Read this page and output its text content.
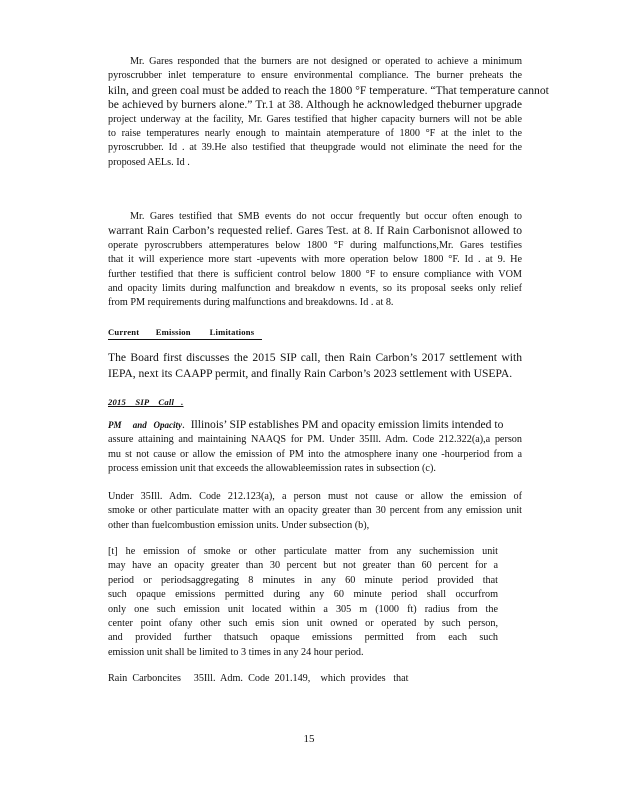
Mr. Gares responded that the burners are not designed or operated to achieve a minimum
pyroscrubber inlet temperature to ensure environmental compliance. The burner preheats the
kiln, and green coal must be added to reach the 1800 °F temperature. “That temperature cannot
be achieved by burners alone.” Tr.1 at 38. Although he acknowledged theburner upgrade
project underway at the facility, Mr. Gares testified that higher capacity burners will not be able
to raise temperatures nearly enough to maintain atemperature of 1800 °F at the inlet to the
pyroscrubber. Id . at 39.He also testified that theupgrade would not eliminate the need for the
proposed AELs. Id .
Mr. Gares testified that SMB events do not occur frequently but occur often enough to
warrant Rain Carbon’s requested relief. Gares Test. at 8. If Rain Carbonisnot allowed to
operate pyroscrubbers attemperatures below 1800 °F during malfunctions,Mr. Gares testifies
that it will experience more start -upevents with more operation below 1800 °F. Id . at 9. He
further testified that there is sufficient control below 1800 °F to ensure compliance with VOM
and opacity limits during malfunction and breakdow n events, so its proposal seeks only relief
from PM requirements during malfunctions and breakdowns. Id . at 8.
Current       Emission        Limitations
The Board first discusses the 2015 SIP call, then Rain Carbon’s 2017 settlement with
IEPA, next its CAAPP permit, and finally Rain Carbon’s 2023 settlement with USEPA.
2015    SIP    Call   .
PM     and   Opacity.  Illinois’ SIP establishes PM and opacity emission limits intended to
assure attaining and maintaining NAAQS for PM. Under 35Ill. Adm. Code 212.322(a),a person
mu st not cause or allow the emission of PM into the atmosphere inany one -hourperiod from a
process emission unit that exceeds the allowableemission rates in subsection (c).
Under 35Ill. Adm. Code 212.123(a), a person must not cause or allow the emission of
smoke or other particulate matter with an opacity greater than 30 percent from any emission unit
other than fuelcombustion emission units. Under subsection (b),
[t] he emission of smoke or other particulate matter from any suchemission unit
may have an opacity greater than 30 percent but not greater than 60 percent for a
period or periodsaggregating 8 minutes in any 60 minute period provided that
such opaque emissions permitted during any 60 minute period shall occurfrom
only one such emission unit located within a 305 m (1000 ft) radius from the
center point ofany other such emis sion unit owned or operated by such person,
and provided further thatsuch opaque emissions permitted from each such
emission unit shall be limited to 3 times in any 24 hour period.
Rain  Carboncites     35Ill.  Adm.  Code  201.149,    which  provides   that
15
